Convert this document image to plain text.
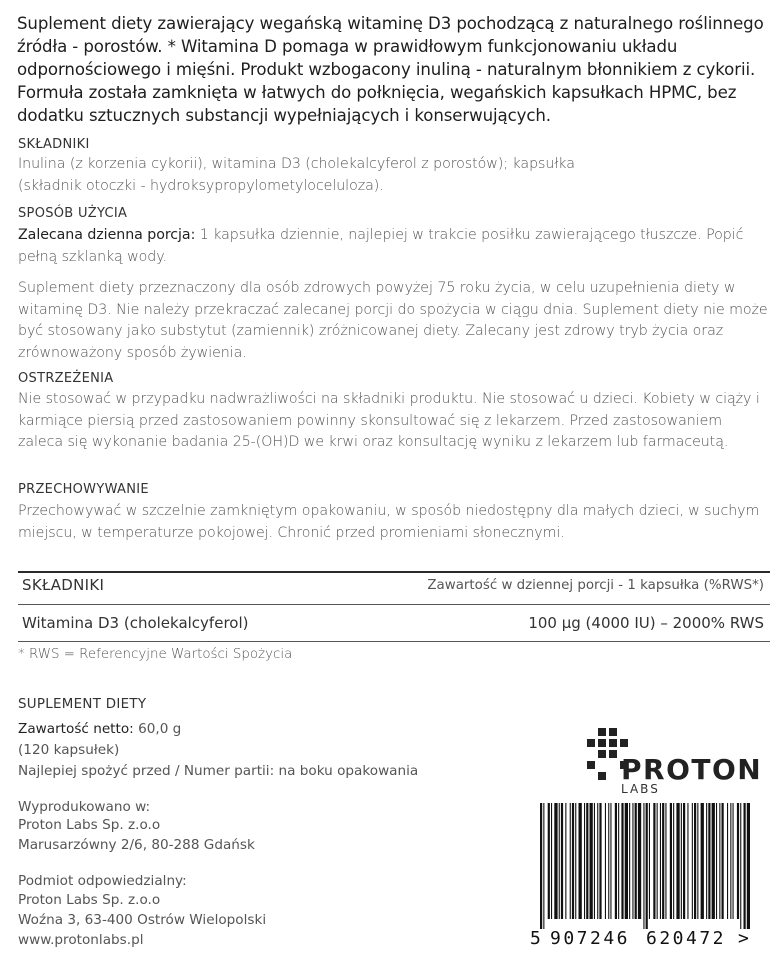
Suplement diety zawierający wegańską witaminę D3 pochodzącą z naturalnego roślinnego źródła - porostów. * Witamina D pomaga w prawidłowym funkcjonowaniu układu odpornościowego i mięśni. Produkt wzbogacony inuliną - naturalnym błonnikiem z cykorii. Formuła została zamknięta w łatwych do połknięcia, wegańskich kapsułkach HPMC, bez dodatku sztucznych substancji wypełniających i konserwujących.
SKŁADNIKI
Inulina (z korzenia cykorii), witamina D3 (cholekalcyferol z porostów); kapsułka (składnik otoczki - hydroksypropylometyloceluloza).
SPOSÓB UŻYCIA
Zalecana dzienna porcja: 1 kapsułka dziennie, najlepiej w trakcie posiłku zawierającego tłuszcze. Popić pełną szklanką wody.
Suplement diety przeznaczony dla osób zdrowych powyżej 75 roku życia, w celu uzupełnienia diety w witaminę D3. Nie należy przekraczać zalecanej porcji do spożycia w ciągu dnia. Suplement diety nie może być stosowany jako substytut (zamiennik) zróżnicowanej diety. Zalecany jest zdrowy tryb życia oraz zrównoważony sposób żywienia.
OSTRZEŻENIA
Nie stosować w przypadku nadwrażliwości na składniki produktu. Nie stosować u dzieci. Kobiety w ciąży i karmiące piersią przed zastosowaniem powinny skonsultować się z lekarzem. Przed zastosowaniem zaleca się wykonanie badania 25-(OH)D we krwi oraz konsultację wyniku z lekarzem lub farmaceutą.
PRZECHOWYWANIE
Przechowywać w szczelnie zamkniętym opakowaniu, w sposób niedostępny dla małych dzieci, w suchym miejscu, w temperaturze pokojowej. Chronić przed promieniami słonecznymi.
SKŁADNIKI	Zawartość w dziennej porcji - 1 kapsułka (%RWS*)
Witamina D3 (cholekalcyferol)	100 µg (4000 IU) – 2000% RWS
* RWS = Referencyjne Wartości Spożycia
SUPLEMENT DIETY
Zawartość netto: 60,0 g
(120 kapsułek)
Najlepiej spożyć przed / Numer partii: na boku opakowania
Wyprodukowano w:
Proton Labs Sp. z.o.o
Marusarzówny 2/6, 80-288 Gdańsk
Podmiot odpowiedzialny:
Proton Labs Sp. z.o.o
Woźna 3, 63-400 Ostrów Wielopolski
www.protonlabs.pl
PROTON
LABS
5 907246 620472 >
